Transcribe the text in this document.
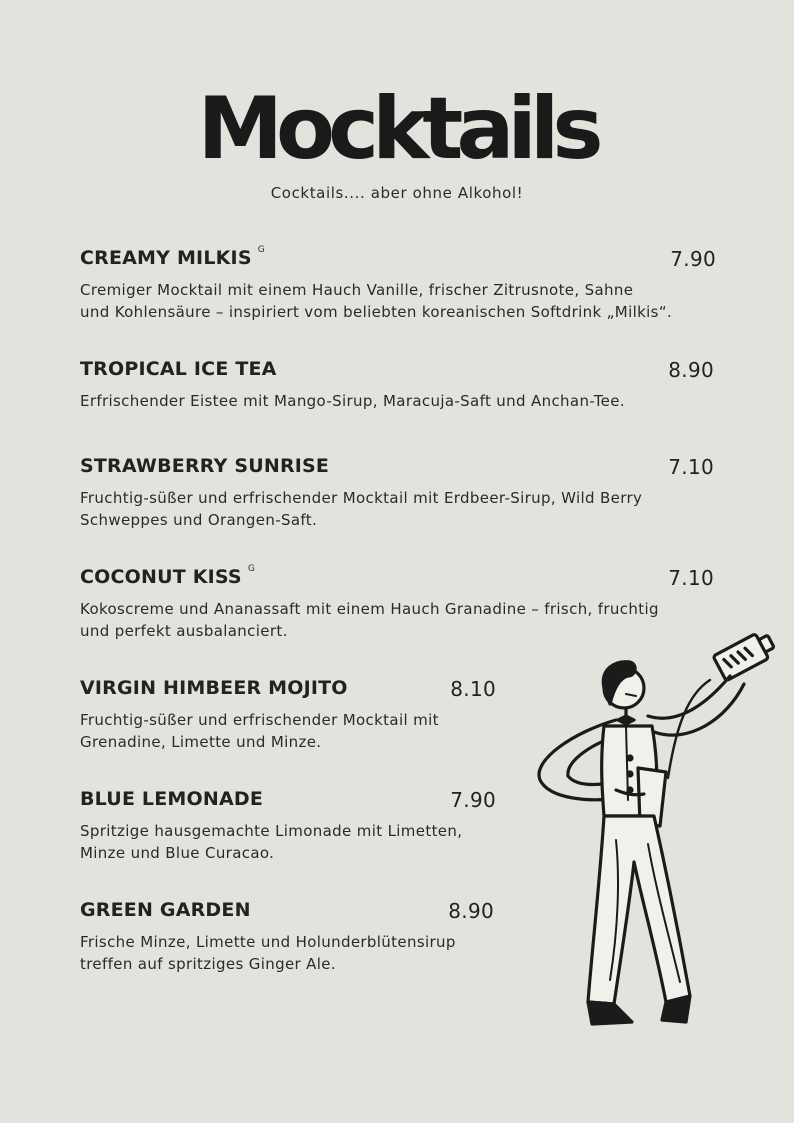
Mocktails
Cocktails.... aber ohne Alkohol!
CREAMY MILKIS $^G$	7.90
Cremiger Mocktail mit einem Hauch Vanille, frischer Zitrusnote, Sahne
und Kohlensäure – inspiriert vom beliebten koreanischen Softdrink „Milkis“.
TROPICAL ICE TEA	8.90
Erfrischender Eistee mit Mango-Sirup, Maracuja-Saft und Anchan-Tee.
STRAWBERRY SUNRISE	7.10
Fruchtig-süßer und erfrischender Mocktail mit Erdbeer-Sirup, Wild Berry
Schweppes und Orangen-Saft.
COCONUT KISS $^G$	7.10
Kokoscreme und Ananassaft mit einem Hauch Granadine – frisch, fruchtig
und perfekt ausbalanciert.
VIRGIN HIMBEER MOJITO	8.10
Fruchtig-süßer und erfrischender Mocktail mit
Grenadine, Limette und Minze.
BLUE LEMONADE	7.90
Spritzige hausgemachte Limonade mit Limetten,
Minze und Blue Curacao.
GREEN GARDEN	8.90
Frische Minze, Limette und Holunderblütensirup
treffen auf spritziges Ginger Ale.
